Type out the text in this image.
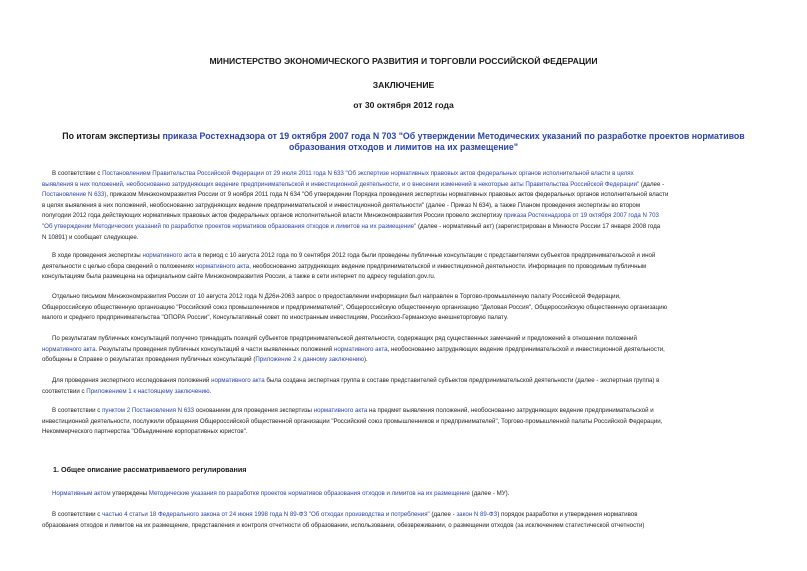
МИНИСТЕРСТВО ЭКОНОМИЧЕСКОГО РАЗВИТИЯ И ТОРГОВЛИ РОССИЙСКОЙ ФЕДЕРАЦИИ
ЗАКЛЮЧЕНИЕ
от 30 октября 2012 года
По итогам экспертизы приказа Ростехнадзора от 19 октября 2007 года N 703 "Об утверждении Методических указаний по разработке проектов нормативов
образования отходов и лимитов на их размещение"
В соответствии с Постановлением Правительства Российской Федерации от 29 июля 2011 года N 633 "Об экспертизе нормативных правовых актов федеральных органов исполнительной власти в целях
выявления в них положений, необоснованно затрудняющих ведение предпринимательской и инвестиционной деятельности, и о внесении изменений в некоторые акты Правительства Российской Федерации" (далее -
Постановление N 633), приказом Минэкономразвития России от 9 ноября 2011 года N 634 "Об утверждении Порядка проведения экспертизы нормативных правовых актов федеральных органов исполнительной власти
в целях выявления в них положений, необоснованно затрудняющих ведение предпринимательской и инвестиционной деятельности" (далее - Приказ N 634), а также Планом проведения экспертизы во втором
полугодии 2012 года действующих нормативных правовых актов федеральных органов исполнительной власти Минэкономразвития России провело экспертизу приказа Ростехнадзора от 19 октября 2007 года N 703
"Об утверждении Методических указаний по разработке проектов нормативов образования отходов и лимитов на их размещение" (далее - нормативный акт) (зарегистрирован в Минюсте России 17 января 2008 года
N 10891) и сообщает следующее.
В ходе проведения экспертизы нормативного акта в период с 10 августа 2012 года по 9 сентября 2012 года были проведены публичные консультации с представителями субъектов предпринимательской и иной
деятельности с целью сбора сведений о положениях нормативного акта, необоснованно затрудняющих ведение предпринимательской и инвестиционной деятельности. Информация по проводимым публичным
консультациям была размещена на официальном сайте Минэкономразвития России, а также в сети интернет по адресу regulation.gov.ru.
Отдельно письмом Минэкономразвития России от 10 августа 2012 года N Д26и-2063 запрос о предоставлении информации был направлен в Торгово-промышленную палату Российской Федерации,
Общероссийскую общественную организацию "Российский союз промышленников и предпринимателей", Общероссийскую общественную организацию "Деловая Россия", Общероссийскую общественную организацию
малого и среднего предпринимательства "ОПОРА России", Консультативный совет по иностранным инвестициям, Российско-Германскую внешнеторговую палату.
По результатам публичных консультаций получено тринадцать позиций субъектов предпринимательской деятельности, содержащих ряд существенных замечаний и предложений в отношении положений
нормативного акта. Результаты проведения публичных консультаций в части выявленных положений нормативного акта, необоснованно затрудняющих ведение предпринимательской и инвестиционной деятельности,
обобщены в Справке о результатах проведения публичных консультаций (Приложение 2 к данному заключению).
Для проведения экспертного исследования положений нормативного акта была создана экспертная группа в составе представителей субъектов предпринимательской деятельности (далее - экспертная группа) в
соответствии с Приложением 1 к настоящему заключению.
В соответствии с пунктом 2 Постановления N 633 основанием для проведения экспертизы нормативного акта на предмет выявления положений, необоснованно затрудняющих ведение предпринимательской и
инвестиционной деятельности, послужили обращения Общероссийской общественной организации "Российский союз промышленников и предпринимателей", Торгово-промышленной палаты Российской Федерации,
Некоммерческого партнерства "Объединение корпоративных юристов".
1. Общее описание рассматриваемого регулирования
Нормативным актом утверждены Методические указания по разработке проектов нормативов образования отходов и лимитов на их размещение (далее - МУ).
В соответствии с частью 4 статьи 18 Федерального закона от 24 июня 1998 года N 89-ФЗ "Об отходах производства и потребления" (далее - закон N 89-ФЗ) порядок разработки и утверждения нормативов
образования отходов и лимитов на их размещение, представления и контроля отчетности об образовании, использовании, обезвреживании, о размещении отходов (за исключением статистической отчетности)
